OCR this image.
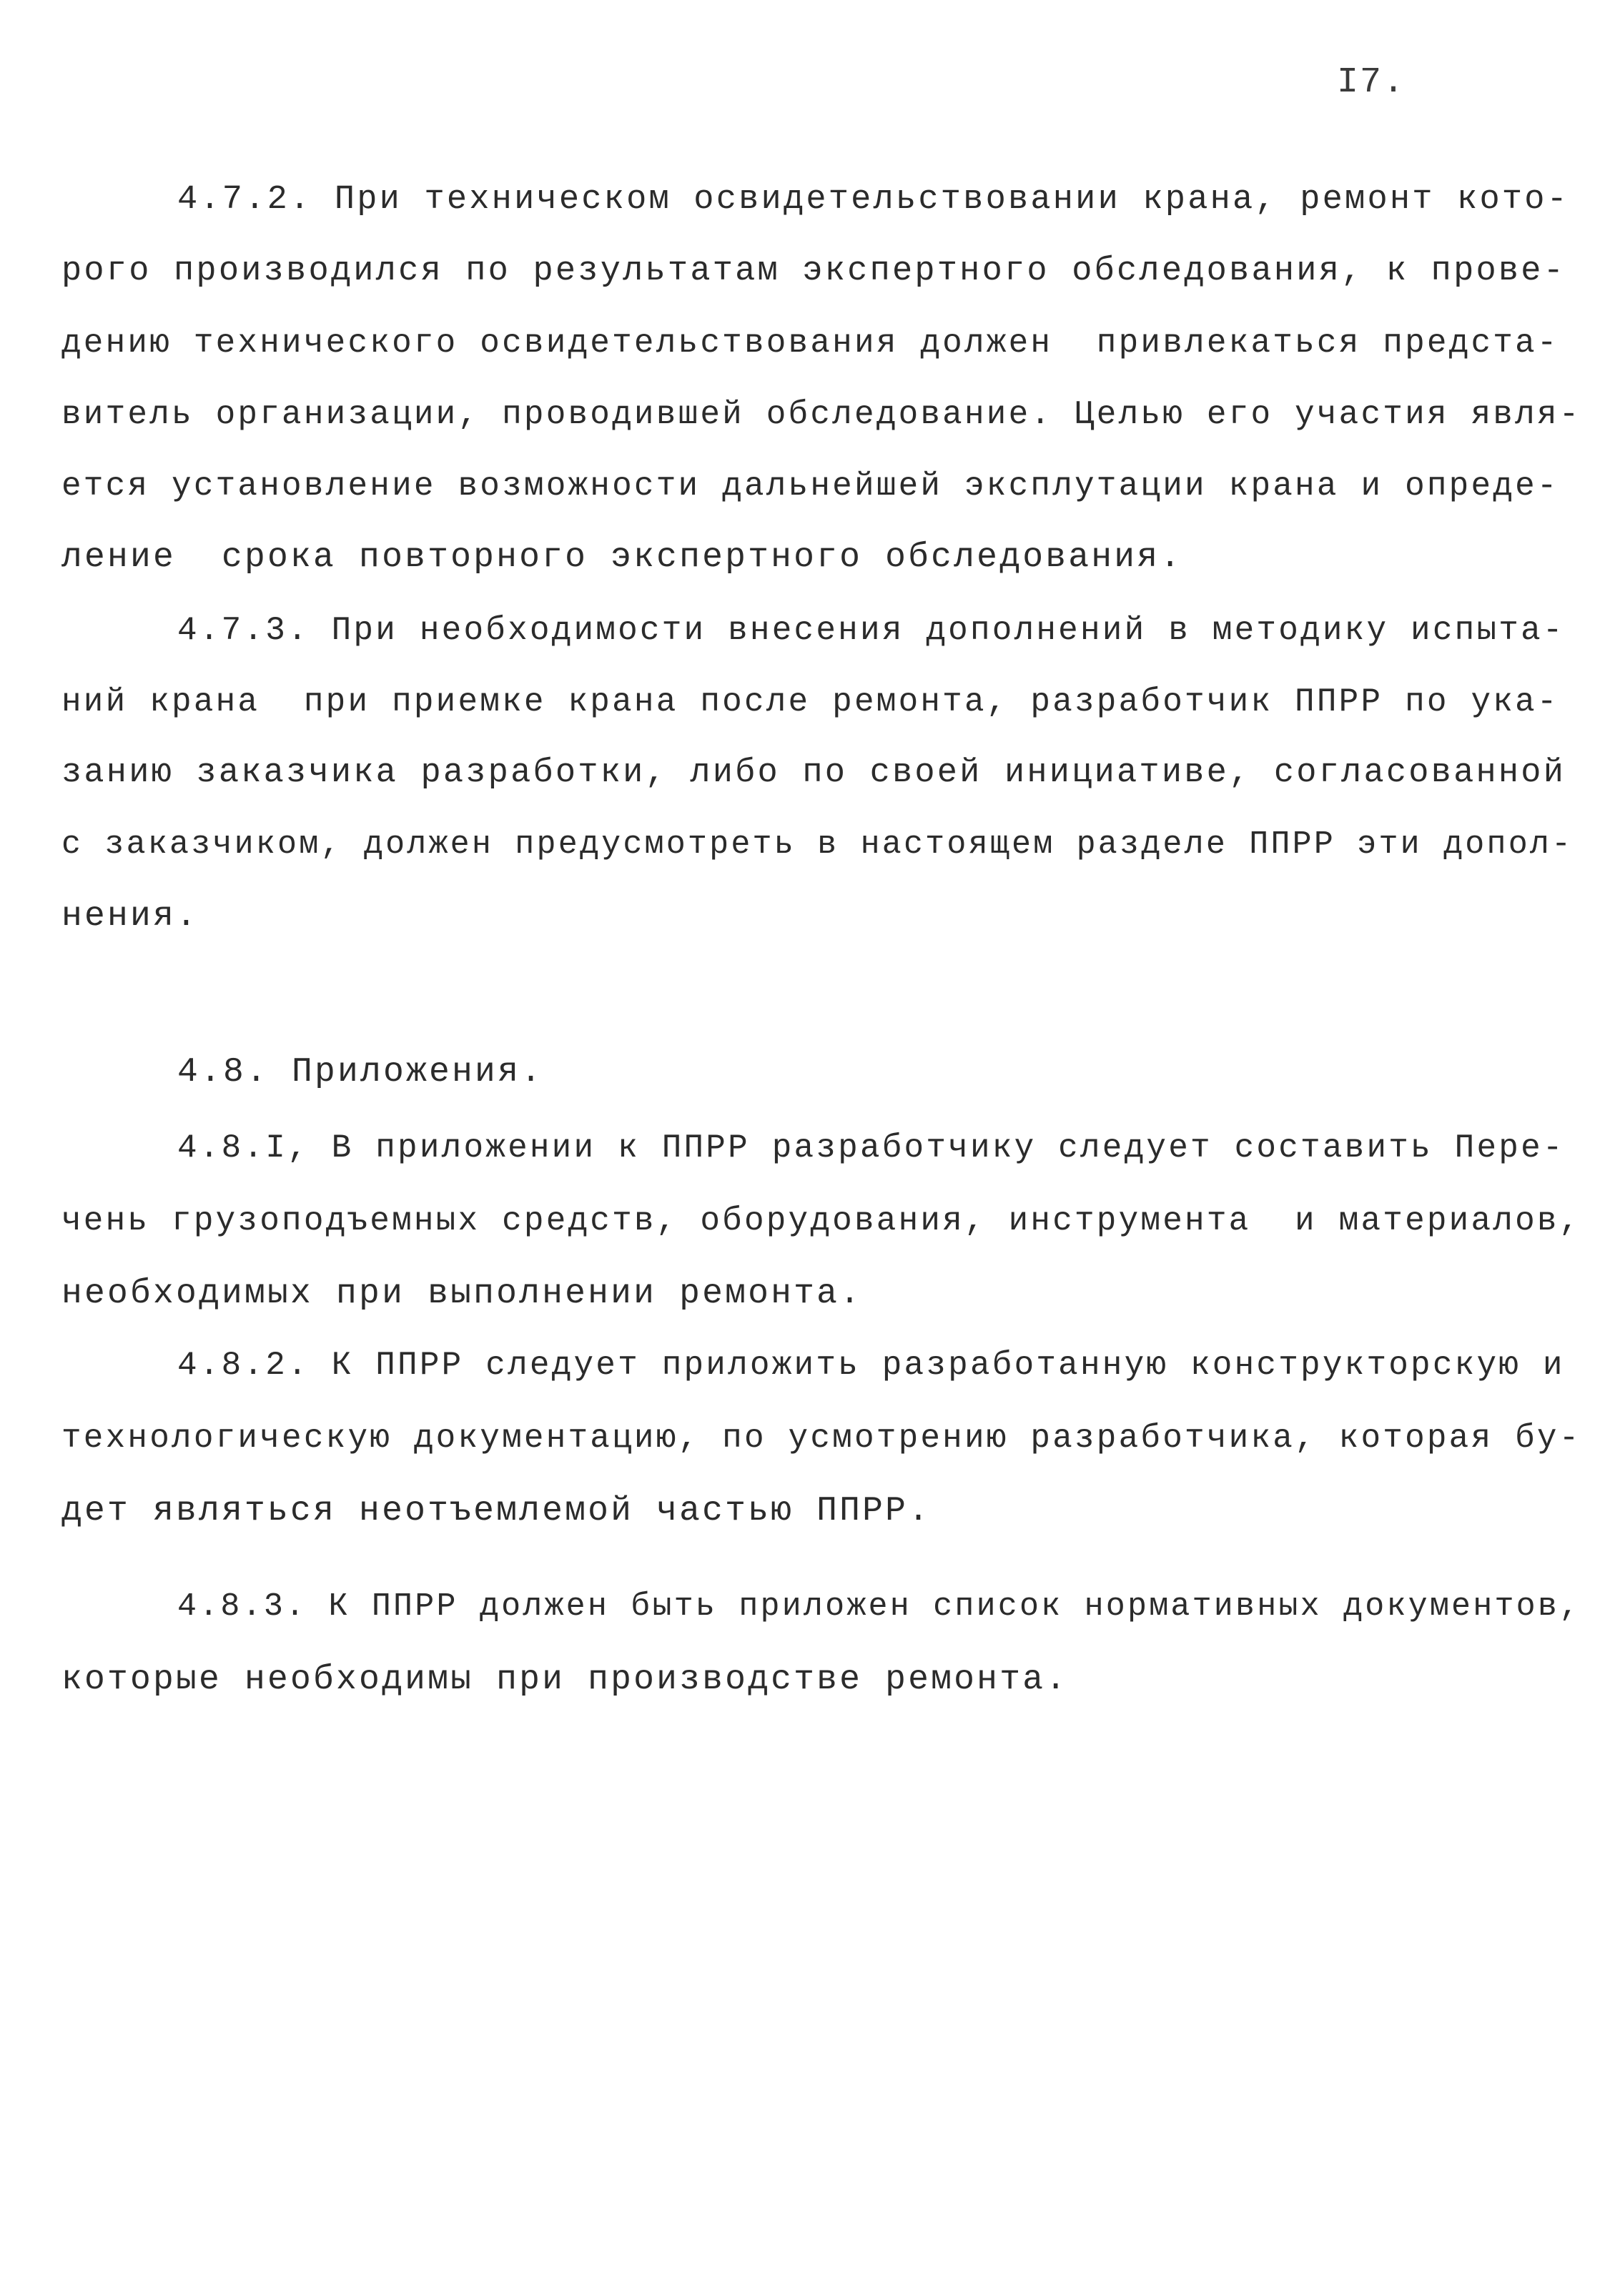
I7.
4.7.2. При техническом освидетельствовании крана, ремонт кото-
рого производился по результатам экспертного обследования, к прове-
дению технического освидетельствования должен  привлекаться предста-
витель организации, проводившей обследование. Целью его участия явля-
ется установление возможности дальнейшей эксплутации крана и опреде-
ление  срока повторного экспертного обследования.
4.7.3. При необходимости внесения дополнений в методику испыта-
ний крана  при приемке крана после ремонта, разработчик ППРР по ука-
занию заказчика разработки, либо по своей инициативе, согласованной
с заказчиком, должен предусмотреть в настоящем разделе ППРР эти допол-
нения.
4.8. Приложения.
4.8.I, В приложении к ППРР разработчику следует составить Пере-
чень грузоподъемных средств, оборудования, инструмента  и материалов,
необходимых при выполнении ремонта.
4.8.2. К ППРР следует приложить разработанную конструкторскую и
технологическую документацию, по усмотрению разработчика, которая бу-
дет являться неотъемлемой частью ППРР.
4.8.3. К ППРР должен быть приложен список нормативных документов,
которые необходимы при производстве ремонта.
